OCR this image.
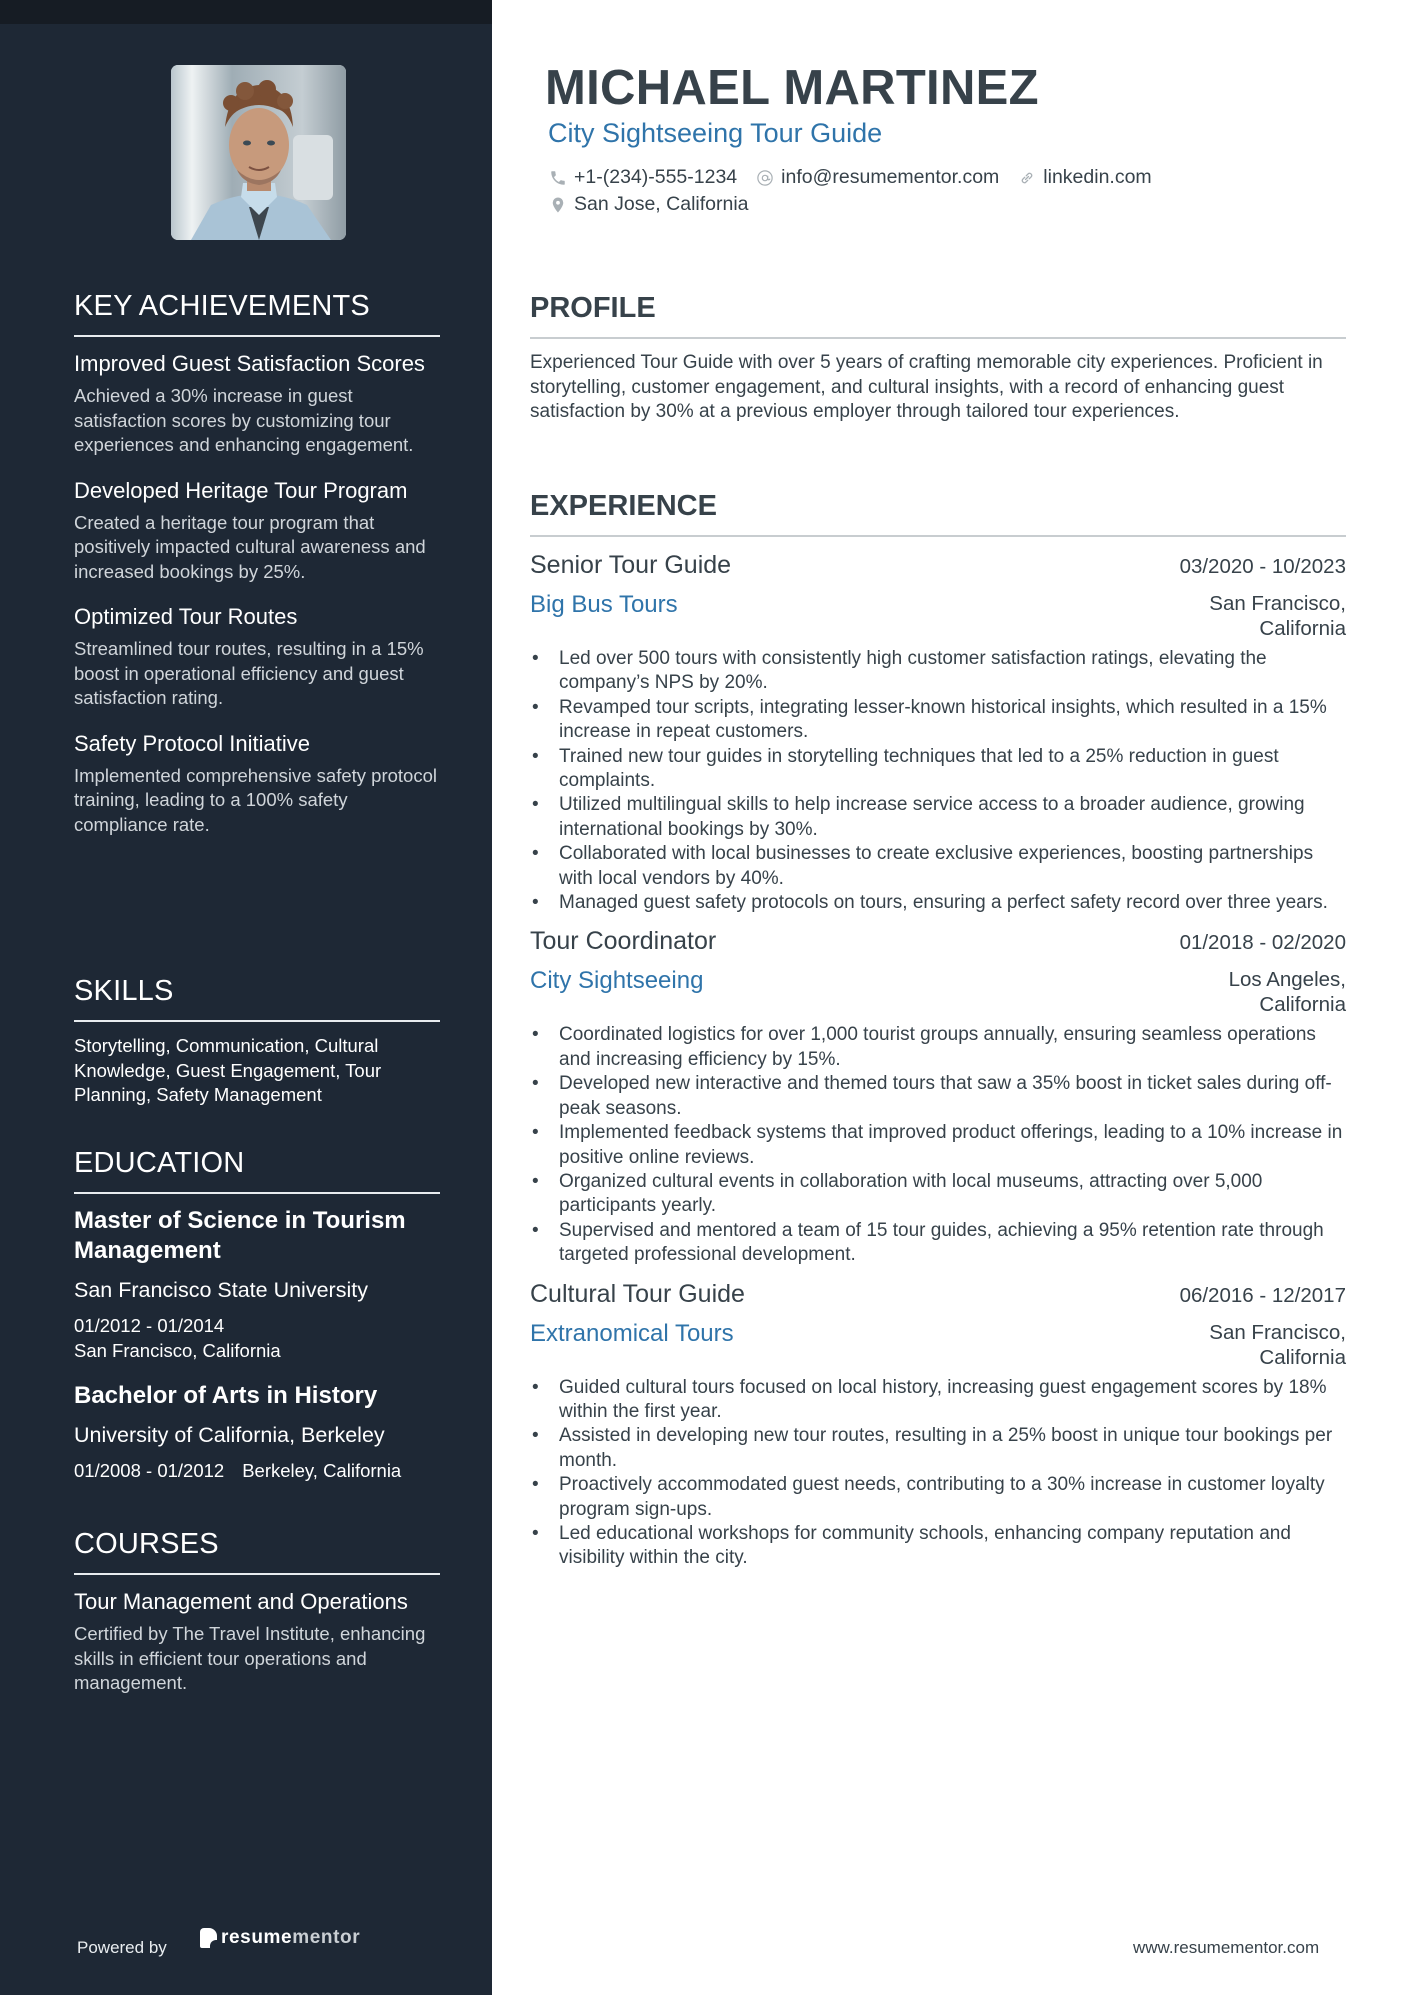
KEY ACHIEVEMENTS
Improved Guest Satisfaction Scores
Achieved a 30% increase in guest satisfaction scores by customizing tour experiences and enhancing engagement.
Developed Heritage Tour Program
Created a heritage tour program that positively impacted cultural awareness and increased bookings by 25%.
Optimized Tour Routes
Streamlined tour routes, resulting in a 15% boost in operational efficiency and guest satisfaction rating.
Safety Protocol Initiative
Implemented comprehensive safety protocol training, leading to a 100% safety compliance rate.
SKILLS

Storytelling, Communication, Cultural Knowledge, Guest Engagement, Tour Planning, Safety Management

EDUCATION
Master of Science in Tourism Management
San Francisco State University
01/2012 - 01/2014
San Francisco, California
Bachelor of Arts in History
University of California, Berkeley
01/2008 - 01/2012 Berkeley, California
COURSES
Tour Management and Operations
Certified by The Travel Institute, enhancing skills in efficient tour operations and management.
Powered by	resumementor
MICHAEL MARTINEZ
City Sightseeing Tour Guide
+1-(234)-555-1234 info@resumementor.com linkedin.com
San Jose, California
PROFILE

Experienced Tour Guide with over 5 years of crafting memorable city experiences. Proficient in storytelling, customer engagement, and cultural insights, with a record of enhancing guest satisfaction by 30% at a previous employer through tailored tour experiences.

EXPERIENCE
Senior Tour Guide	03/2020 - 10/2023
Big Bus Tours	San Francisco, California
• Led over 500 tours with consistently high customer satisfaction ratings, elevating the company’s NPS by 20%.
• Revamped tour scripts, integrating lesser-known historical insights, which resulted in a 15% increase in repeat customers.
• Trained new tour guides in storytelling techniques that led to a 25% reduction in guest complaints.
• Utilized multilingual skills to help increase service access to a broader audience, growing international bookings by 30%.
• Collaborated with local businesses to create exclusive experiences, boosting partnerships with local vendors by 40%.
• Managed guest safety protocols on tours, ensuring a perfect safety record over three years.
Tour Coordinator	01/2018 - 02/2020
City Sightseeing	Los Angeles, California
• Coordinated logistics for over 1,000 tourist groups annually, ensuring seamless operations and increasing efficiency by 15%.
• Developed new interactive and themed tours that saw a 35% boost in ticket sales during off-peak seasons.
• Implemented feedback systems that improved product offerings, leading to a 10% increase in positive online reviews.
• Organized cultural events in collaboration with local museums, attracting over 5,000 participants yearly.
• Supervised and mentored a team of 15 tour guides, achieving a 95% retention rate through targeted professional development.
Cultural Tour Guide	06/2016 - 12/2017
Extranomical Tours	San Francisco, California
• Guided cultural tours focused on local history, increasing guest engagement scores by 18% within the first year.
• Assisted in developing new tour routes, resulting in a 25% boost in unique tour bookings per month.
• Proactively accommodated guest needs, contributing to a 30% increase in customer loyalty program sign-ups.
• Led educational workshops for community schools, enhancing company reputation and visibility within the city.
www.resumementor.com
